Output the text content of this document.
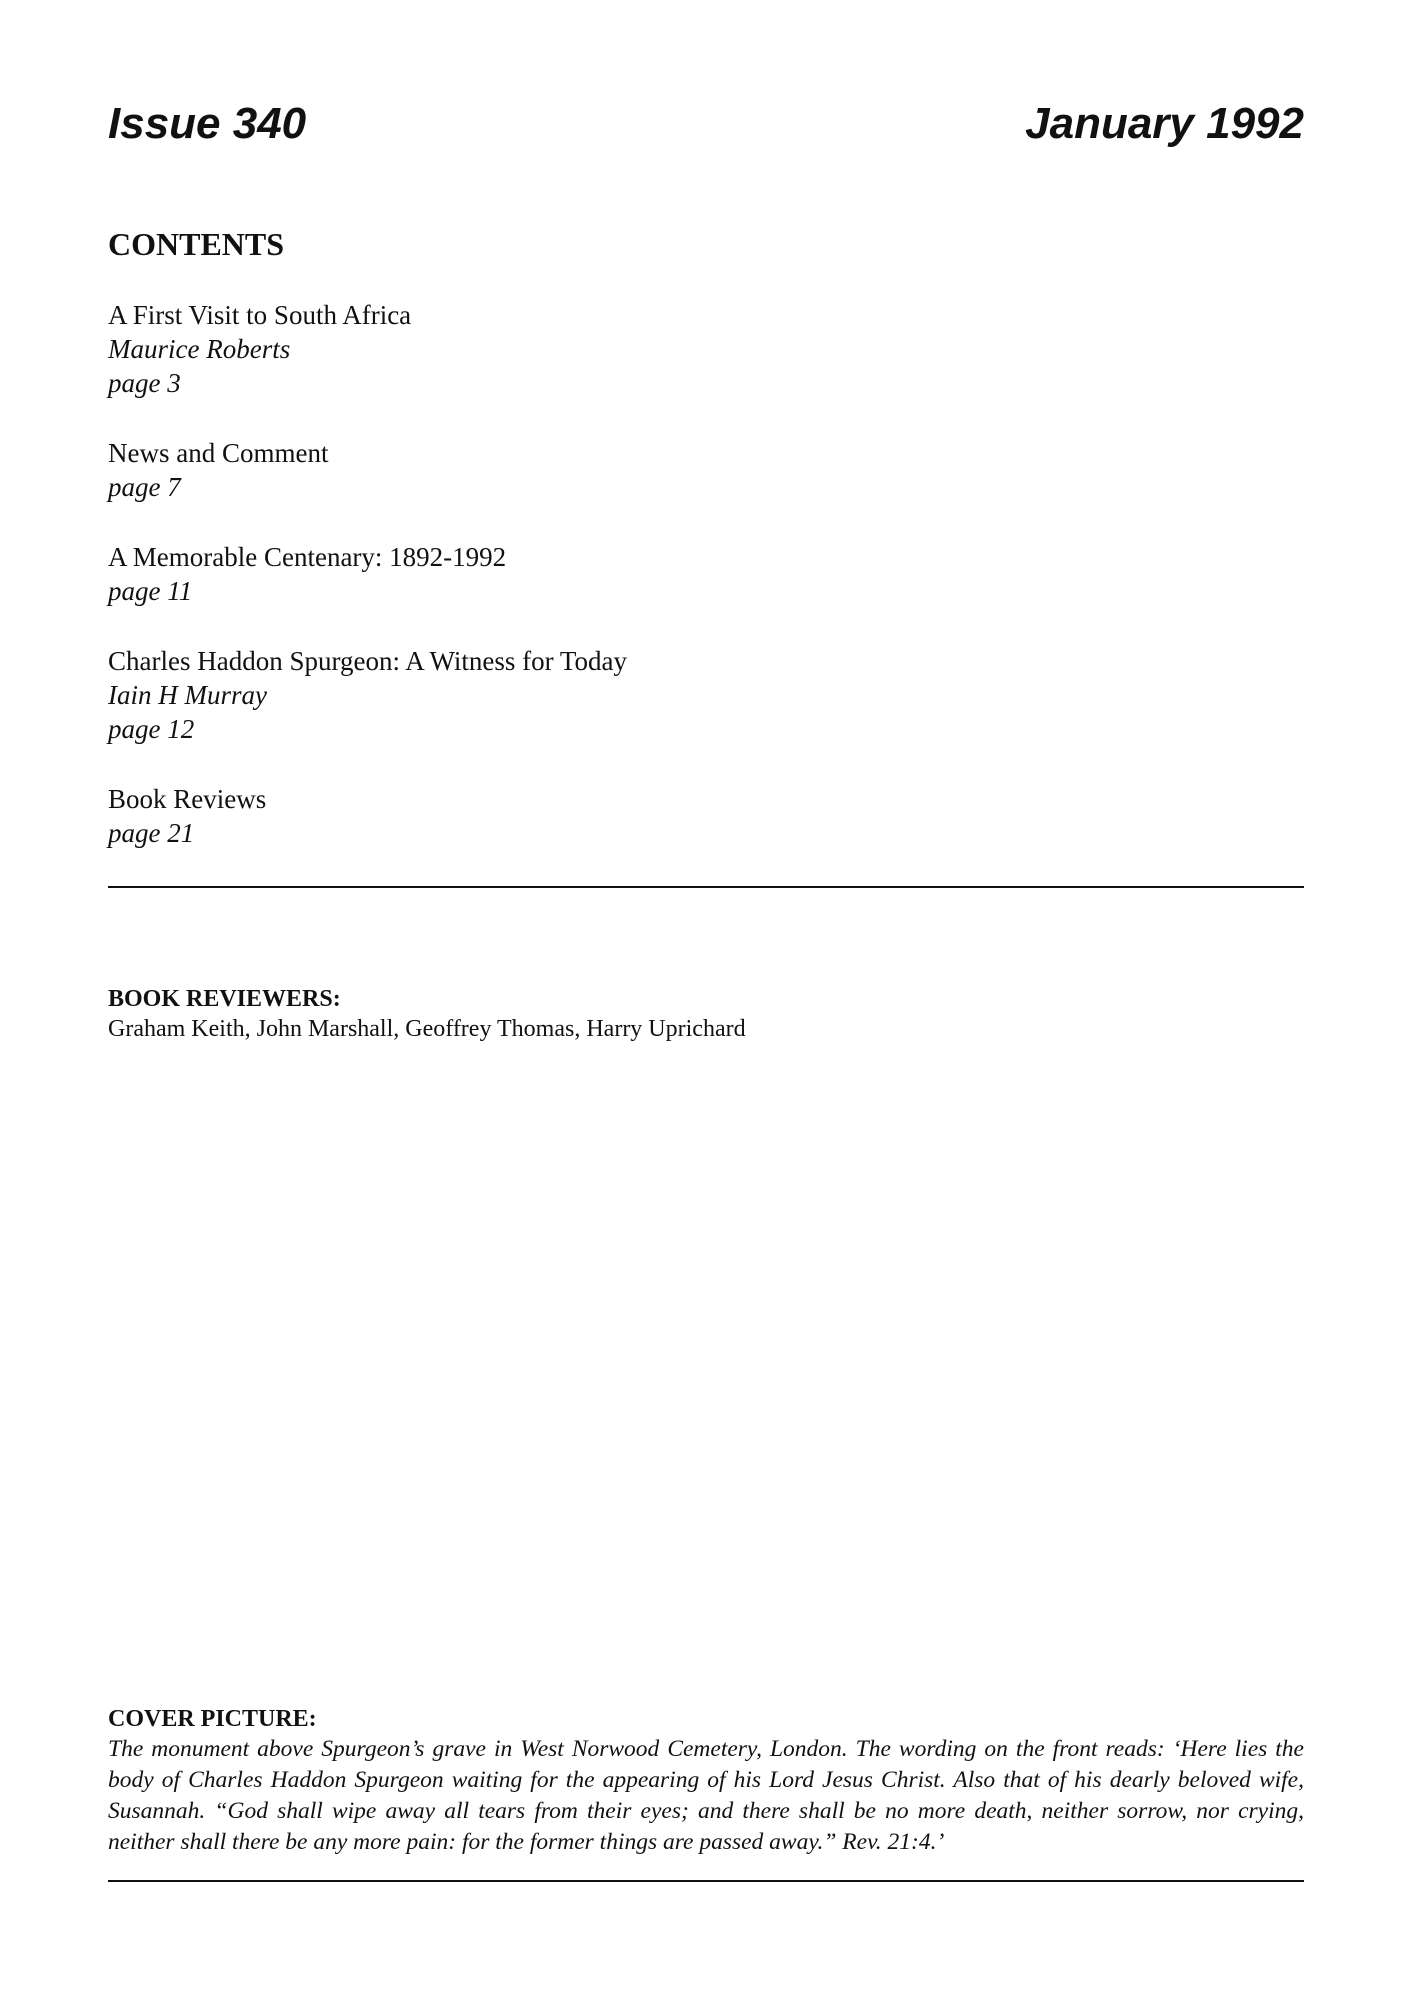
Issue 340	January 1992
CONTENTS
A First Visit to South Africa
Maurice Roberts
page 3
News and Comment
page 7
A Memorable Centenary: 1892-1992
page 11
Charles Haddon Spurgeon: A Witness for Today
Iain H Murray
page 12
Book Reviews
page 21
BOOK REVIEWERS:
Graham Keith, John Marshall, Geoffrey Thomas, Harry Uprichard
COVER PICTURE:
The monument above Spurgeon’s grave in West Norwood Cemetery, London. The wording on the front reads: ‘Here lies the body of Charles Haddon Spurgeon waiting for the appearing of his Lord Jesus Christ. Also that of his dearly beloved wife, Susannah. “God shall wipe away all tears from their eyes; and there shall be no more death, neither sorrow, nor crying, neither shall there be any more pain: for the former things are passed away.” Rev. 21:4.’
